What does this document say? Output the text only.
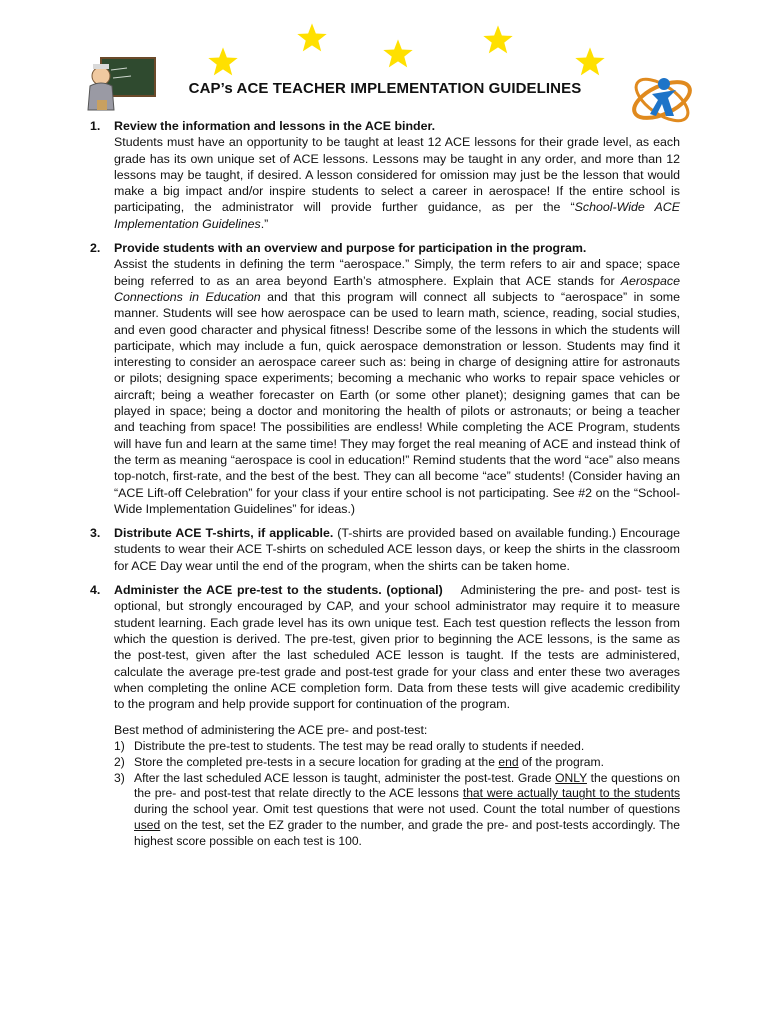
CAP’s ACE TEACHER IMPLEMENTATION GUIDELINES
1. Review the information and lessons in the ACE binder.
Students must have an opportunity to be taught at least 12 ACE lessons for their grade level, as each grade has its own unique set of ACE lessons. Lessons may be taught in any order, and more than 12 lessons may be taught, if desired. A lesson considered for omission may just be the lesson that would make a big impact and/or inspire students to select a career in aerospace! If the entire school is participating, the administrator will provide further guidance, as per the “School-Wide ACE Implementation Guidelines.”

2. Provide students with an overview and purpose for participation in the program.
Assist the students in defining the term “aerospace.” Simply, the term refers to air and space; space being referred to as an area beyond Earth’s atmosphere. Explain that ACE stands for Aerospace Connections in Education and that this program will connect all subjects to “aerospace” in some manner. Students will see how aerospace can be used to learn math, science, reading, social studies, and even good character and physical fitness! Describe some of the lessons in which the students will participate, which may include a fun, quick aerospace demonstration or lesson. Students may find it interesting to consider an aerospace career such as: being in charge of designing attire for astronauts or pilots; designing space experiments; becoming a mechanic who works to repair space vehicles or aircraft; being a weather forecaster on Earth (or some other planet); designing games that can be played in space; being a doctor and monitoring the health of pilots or astronauts; or being a teacher and teaching from space! The possibilities are endless! While completing the ACE Program, students will have fun and learn at the same time! They may forget the real meaning of ACE and instead think of the term as meaning “aerospace is cool in education!” Remind students that the word “ace” also means top-notch, first-rate, and the best of the best. They can all become “ace” students! (Consider having an “ACE Lift-off Celebration” for your class if your entire school is not participating. See #2 on the “School-Wide Implementation Guidelines” for ideas.)

3. Distribute ACE T-shirts, if applicable. (T-shirts are provided based on available funding.) Encourage students to wear their ACE T-shirts on scheduled ACE lesson days, or keep the shirts in the classroom for ACE Day wear until the end of the program, when the shirts can be taken home.

4. Administer the ACE pre-test to the students. (optional)    Administering the pre- and post- test is optional, but strongly encouraged by CAP, and your school administrator may require it to measure student learning. Each grade level has its own unique test. Each test question reflects the lesson from which the question is derived. The pre-test, given prior to beginning the ACE lessons, is the same as the post-test, given after the last scheduled ACE lesson is taught. If the tests are administered, calculate the average pre-test grade and post-test grade for your class and enter these two averages when completing the online ACE completion form. Data from these tests will give academic credibility to the program and help provide support for continuation of the program.

Best method of administering the ACE pre- and post-test:
1) Distribute the pre-test to students. The test may be read orally to students if needed.
2) Store the completed pre-tests in a secure location for grading at the end of the program.
3) After the last scheduled ACE lesson is taught, administer the post-test. Grade ONLY the questions on the pre- and post-test that relate directly to the ACE lessons that were actually taught to the students during the school year. Omit test questions that were not used. Count the total number of questions used on the test, set the EZ grader to the number, and grade the pre- and post-tests accordingly. The highest score possible on each test is 100.
